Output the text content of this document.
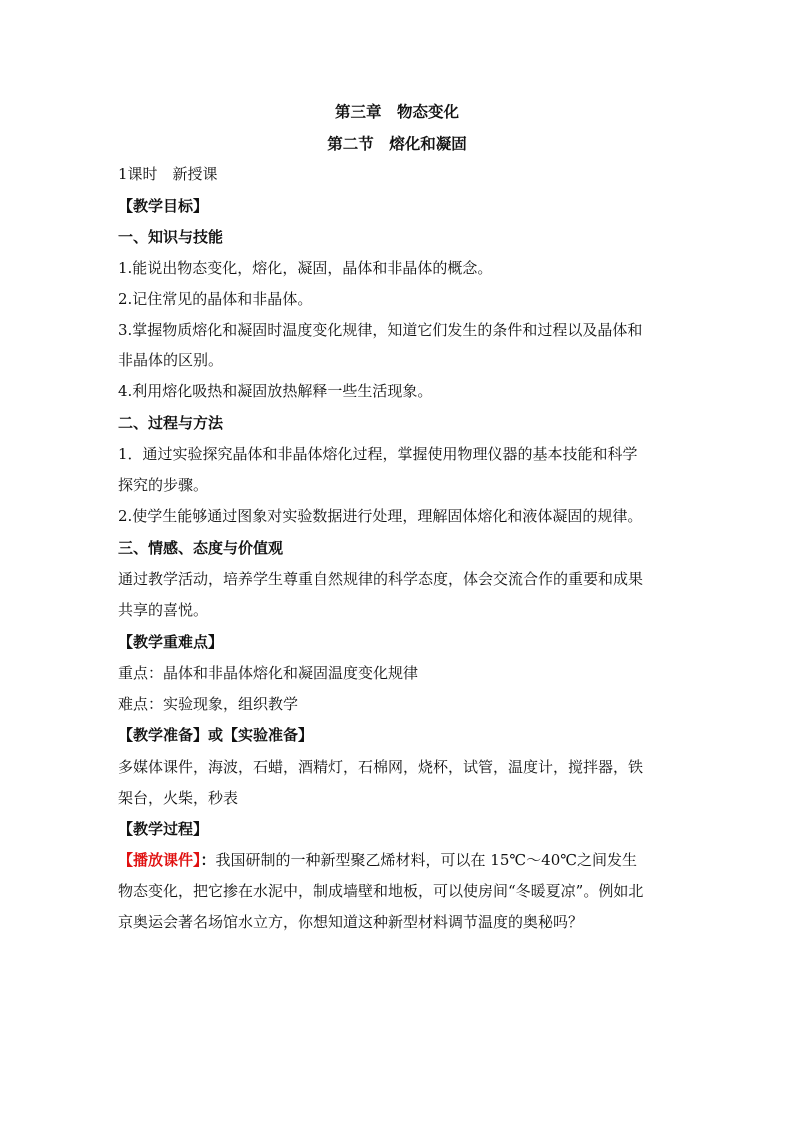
第三章　物态变化
第二节　熔化和凝固
1课时　新授课
【教学目标】
一、知识与技能
1.能说出物态变化，熔化，凝固，晶体和非晶体的概念。
2.记住常见的晶体和非晶体。
3.掌握物质熔化和凝固时温度变化规律，知道它们发生的条件和过程以及晶体和
非晶体的区别。
4.利用熔化吸热和凝固放热解释一些生活现象。
二、过程与方法
1．通过实验探究晶体和非晶体熔化过程，掌握使用物理仪器的基本技能和科学
探究的步骤。
2.使学生能够通过图象对实验数据进行处理，理解固体熔化和液体凝固的规律。
三、情感、态度与价值观
通过教学活动，培养学生尊重自然规律的科学态度，体会交流合作的重要和成果
共享的喜悦。
【教学重难点】
重点：晶体和非晶体熔化和凝固温度变化规律
难点：实验现象，组织教学
【教学准备】或【实验准备】
多媒体课件，海波，石蜡，酒精灯，石棉网，烧杯，试管，温度计，搅拌器，铁
架台，火柴，秒表
【教学过程】
【播放课件】：我国研制的一种新型聚乙烯材料，可以在 15℃～40℃之间发生
物态变化，把它掺在水泥中，制成墙壁和地板，可以使房间“冬暖夏凉”。例如北
京奥运会著名场馆水立方，你想知道这种新型材料调节温度的奥秘吗？
